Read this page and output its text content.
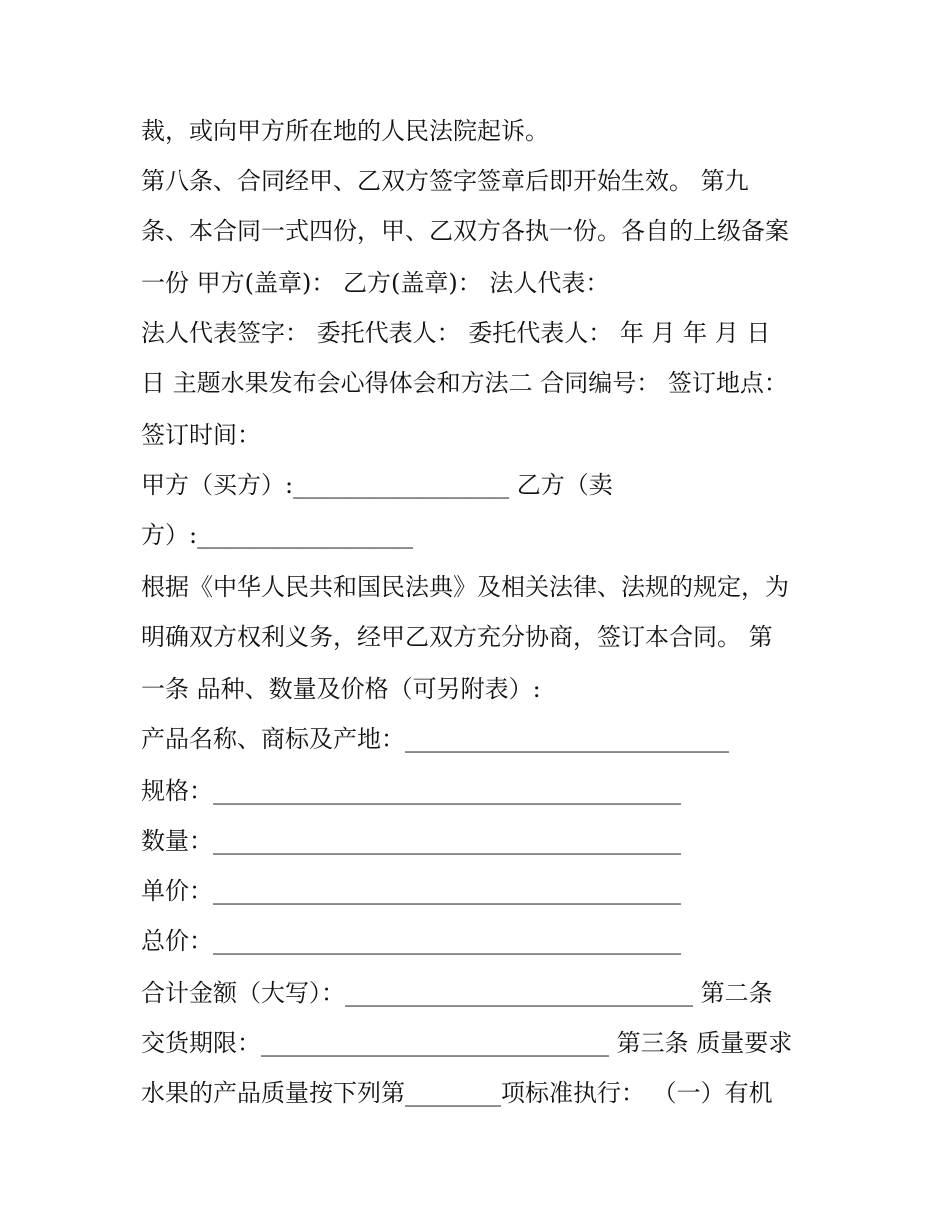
裁，或向甲方所在地的人民法院起诉。

第八条、合同经甲、乙双方签字签章后即开始生效。 第九

条、本合同一式四份，甲、乙双方各执一份。各自的上级备案

一份 甲方(盖章)： 乙方(盖章)： 法人代表：

法人代表签字： 委托代表人： 委托代表人： 年 月 年 月 日

日 主题水果发布会心得体会和方法二 合同编号： 签订地点：

签订时间：

甲方（买方）:__________________ 乙方（卖

方）:__________________

根据《中华人民共和国民法典》及相关法律、法规的规定，为

明确双方权利义务，经甲乙双方充分协商，签订本合同。 第

一条 品种、数量及价格（可另附表）:

产品名称、商标及产地：___________________________

规格：_______________________________________

数量：_______________________________________

单价：_______________________________________

总价：_______________________________________

合计金额（大写）：_____________________________ 第二条

交货期限：_____________________________ 第三条 质量要求

水果的产品质量按下列第________项标准执行： （一）有机
